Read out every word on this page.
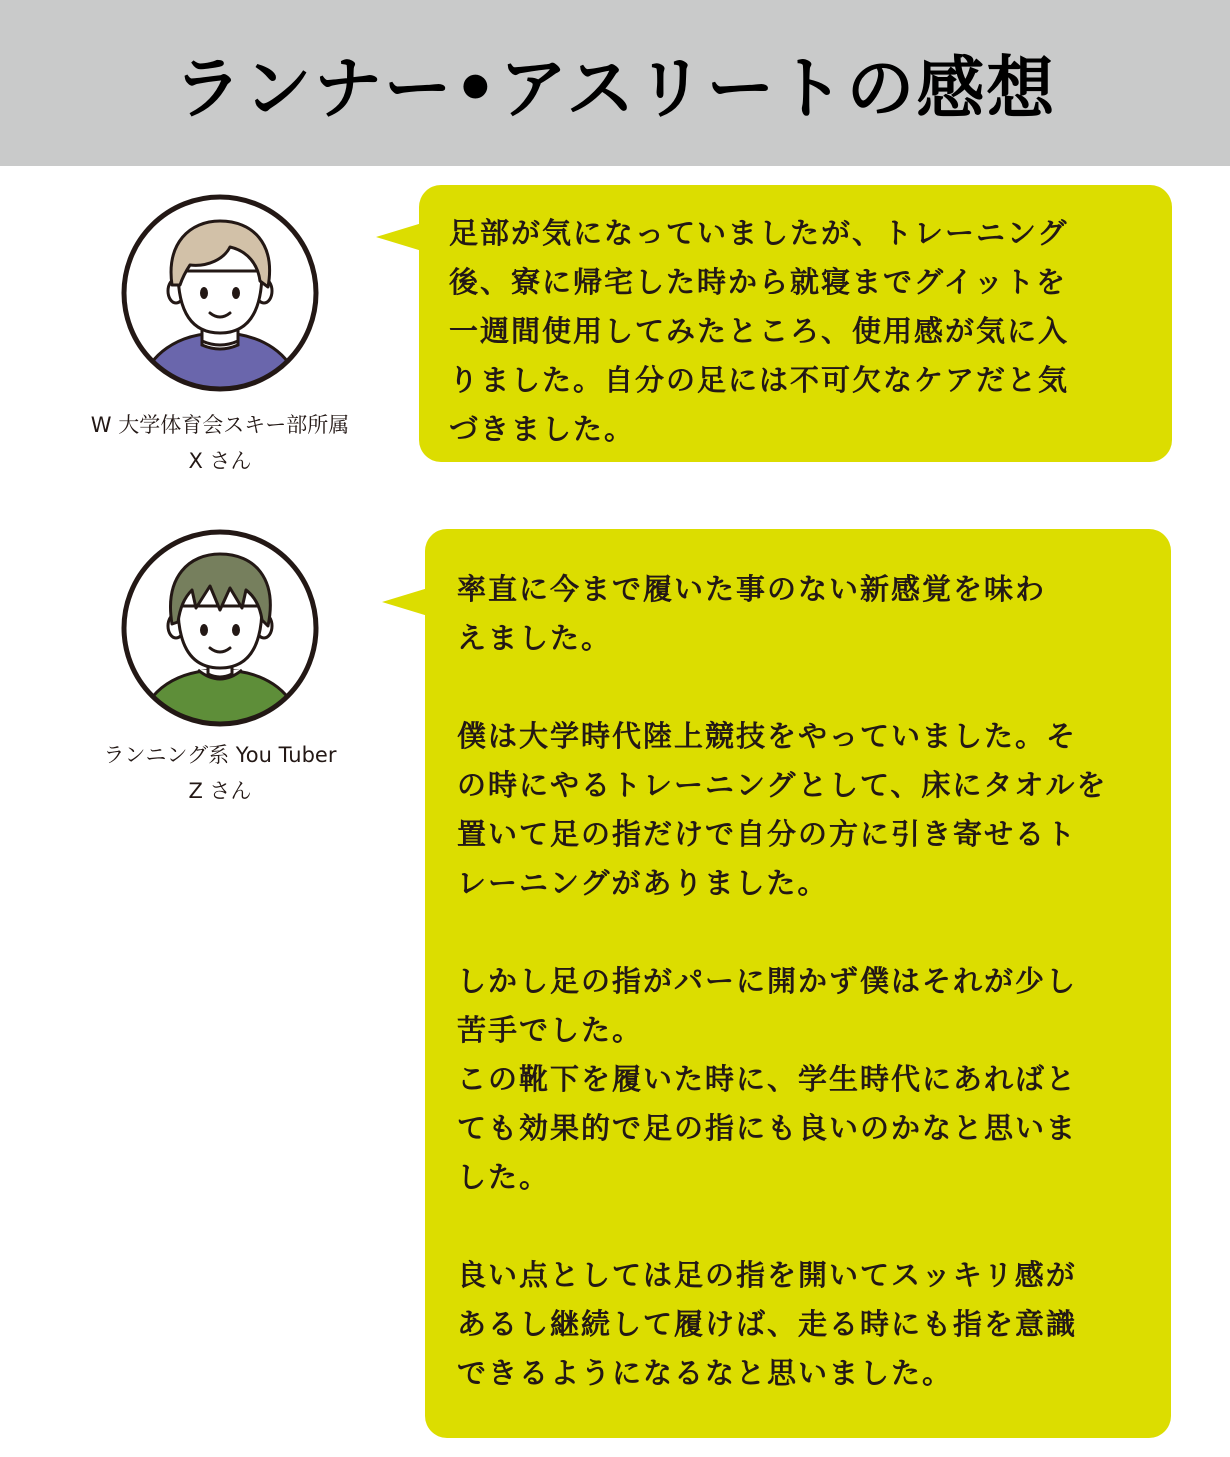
ランナー•アスリートの感想
W 大学体育会スキー部所属
X さん

足部が気になっていましたが、トレーニング

後、寮に帰宅した時から就寝までグイットを

一週間使用してみたところ、使用感が気に入

りました。自分の足には不可欠なケアだと気

づきました。

ランニング系 You Tuber
Z さん

率直に今まで履いた事のない新感覚を味わ

えました。

僕は大学時代陸上競技をやっていました。そ

の時にやるトレーニングとして、床にタオルを

置いて足の指だけで自分の方に引き寄せるト

レーニングがありました。

しかし足の指がパーに開かず僕はそれが少し

苦手でした。

この靴下を履いた時に、学生時代にあればと

ても効果的で足の指にも良いのかなと思いま

した。

良い点としては足の指を開いてスッキリ感が

あるし継続して履けば、走る時にも指を意識

できるようになるなと思いました。
